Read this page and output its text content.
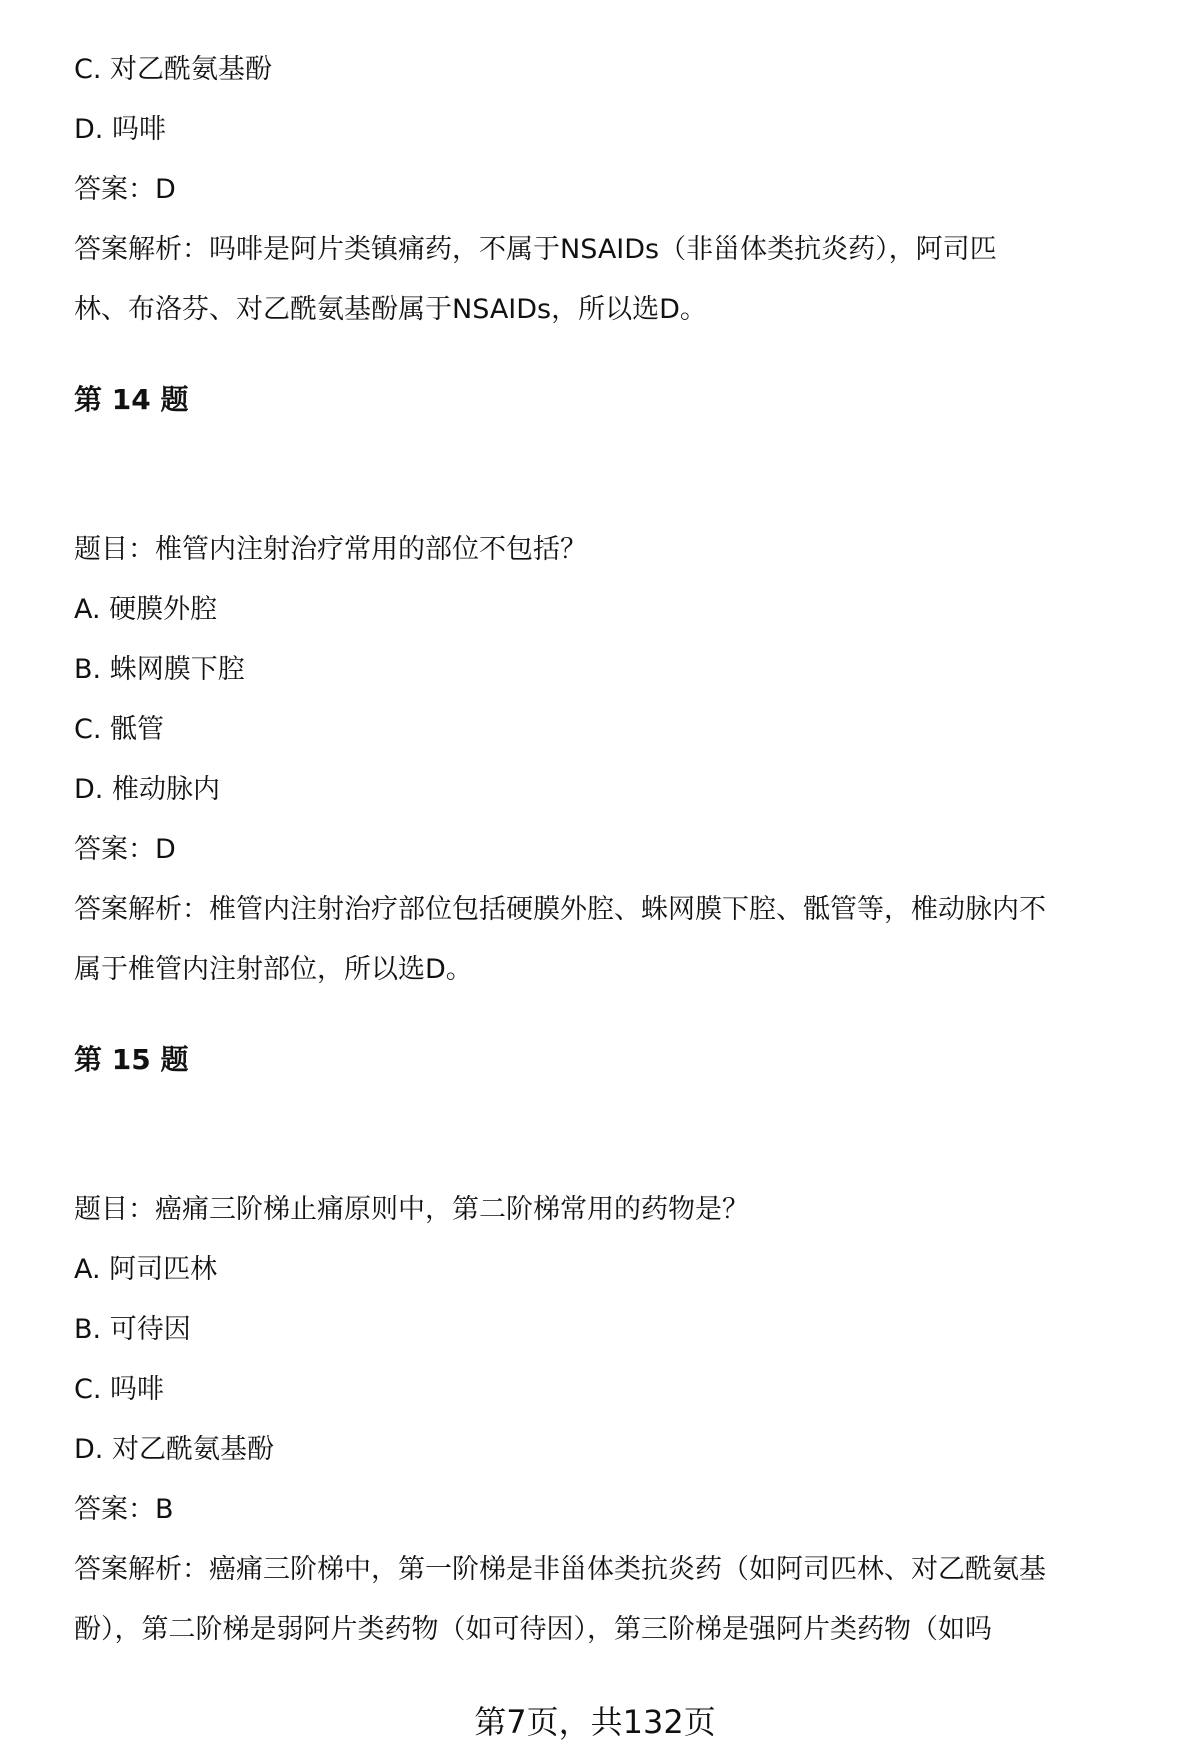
C. 对乙酰氨基酚
D. 吗啡
答案：D
答案解析：吗啡是阿片类镇痛药，不属于NSAIDs（非甾体类抗炎药），阿司匹
林、布洛芬、对乙酰氨基酚属于NSAIDs，所以选D。
第 14 题
题目：椎管内注射治疗常用的部位不包括？
A. 硬膜外腔
B. 蛛网膜下腔
C. 骶管
D. 椎动脉内
答案：D
答案解析：椎管内注射治疗部位包括硬膜外腔、蛛网膜下腔、骶管等，椎动脉内不
属于椎管内注射部位，所以选D。
第 15 题
题目：癌痛三阶梯止痛原则中，第二阶梯常用的药物是？
A. 阿司匹林
B. 可待因
C. 吗啡
D. 对乙酰氨基酚
答案：B
答案解析：癌痛三阶梯中，第一阶梯是非甾体类抗炎药（如阿司匹林、对乙酰氨基
酚），第二阶梯是弱阿片类药物（如可待因），第三阶梯是强阿片类药物（如吗
第7页，共132页
